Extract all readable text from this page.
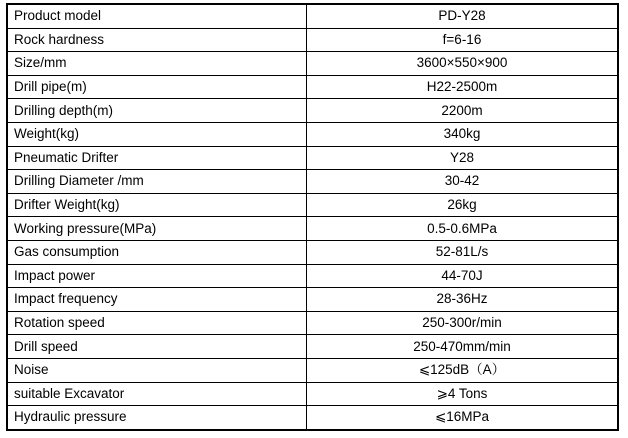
Product model	PD-Y28
Rock hardness	f=6-16
Size/mm	3600×550×900
Drill pipe(m)	H22-2500m
Drilling depth(m)	2200m
Weight(kg)	340kg
Pneumatic Drifter	Y28
Drilling Diameter /mm	30-42
Drifter Weight(kg)	26kg
Working pressure(MPa)	0.5-0.6MPa
Gas consumption	52-81L/s
Impact power	44-70J
Impact frequency	28-36Hz
Rotation speed	250-300r/min
Drill speed	250-470mm/min
Noise	⩽125dB（A）
suitable Excavator	⩾4 Tons
Hydraulic pressure	⩽16MPa
